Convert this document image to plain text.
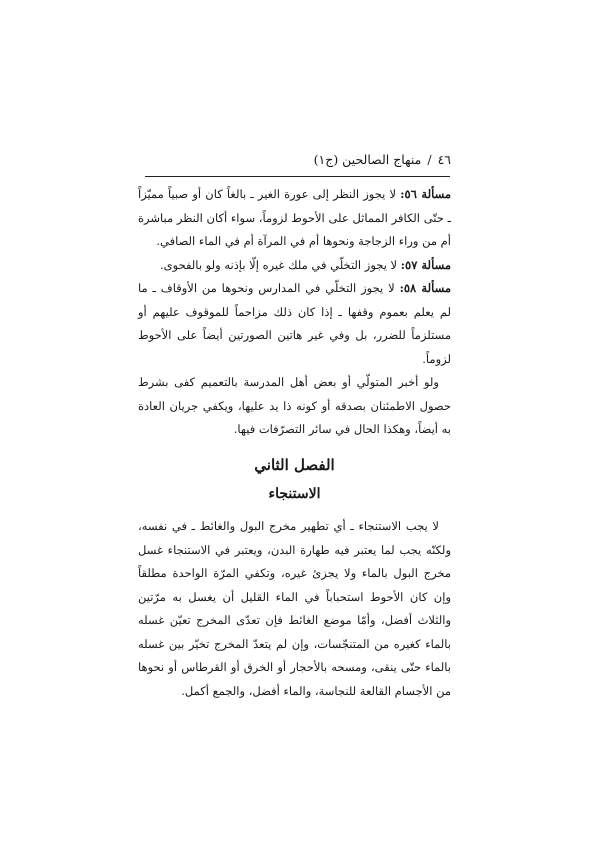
٤٦
/
منهاج الصالحين (ج١)

مسألة ٥٦: لا يجوز النظر إلى عورة الغير ـ بالغاً كان أو صبياً مميّزاً ـ حتّى الكافر المماثل على الأحوط لزوماً، سواء أكان النظر مباشرة أم من وراء الزجاجة ونحوها أم في المرآة أم في الماء الصافي.

مسألة ٥٧: لا يجوز التخلّي في ملك غيره إلّا بإذنه ولو بالفحوى.

مسألة ٥٨: لا يجوز التخلّي في المدارس ونحوها من الأوقاف ـ ما لم يعلم بعموم وقفها ـ إذا كان ذلك مزاحماً للموقوف عليهم أو مستلزماً للضرر، بل وفي غير هاتين الصورتين أيضاً على الأحوط لزوماً.

ولو أخبر المتولّي أو بعض أهل المدرسة بالتعميم كفى بشرط حصول الاطمئنان بصدقه أو كونه ذا يد عليها، ويكفي جريان العادة به أيضاً، وهكذا الحال في سائر التصرّفات فيها.

الفصل الثاني
الاستنجاء

لا يجب الاستنجاء ـ أي تطهير مخرج البول والغائط ـ في نفسه، ولكنّه يجب لما يعتبر فيه طهارة البدن، ويعتبر في الاستنجاء غسل مخرج البول بالماء ولا يجزئ غيره، وتكفي المرّة الواحدة مطلقاً وإن كان الأحوط استحباباً في الماء القليل أن يغسل به مرّتين والثلاث أفضل، وأمّا موضع الغائط فإن تعدّى المخرج تعيّن غسله بالماء كغيره من المتنجّسات، وإن لم يتعدّ المخرج تخيّر بين غسله بالماء حتّى ينقى، ومسحه بالأحجار أو الخرق أو القرطاس أو نحوها من الأجسام القالعة للنجاسة، والماء أفضل، والجمع أكمل.
